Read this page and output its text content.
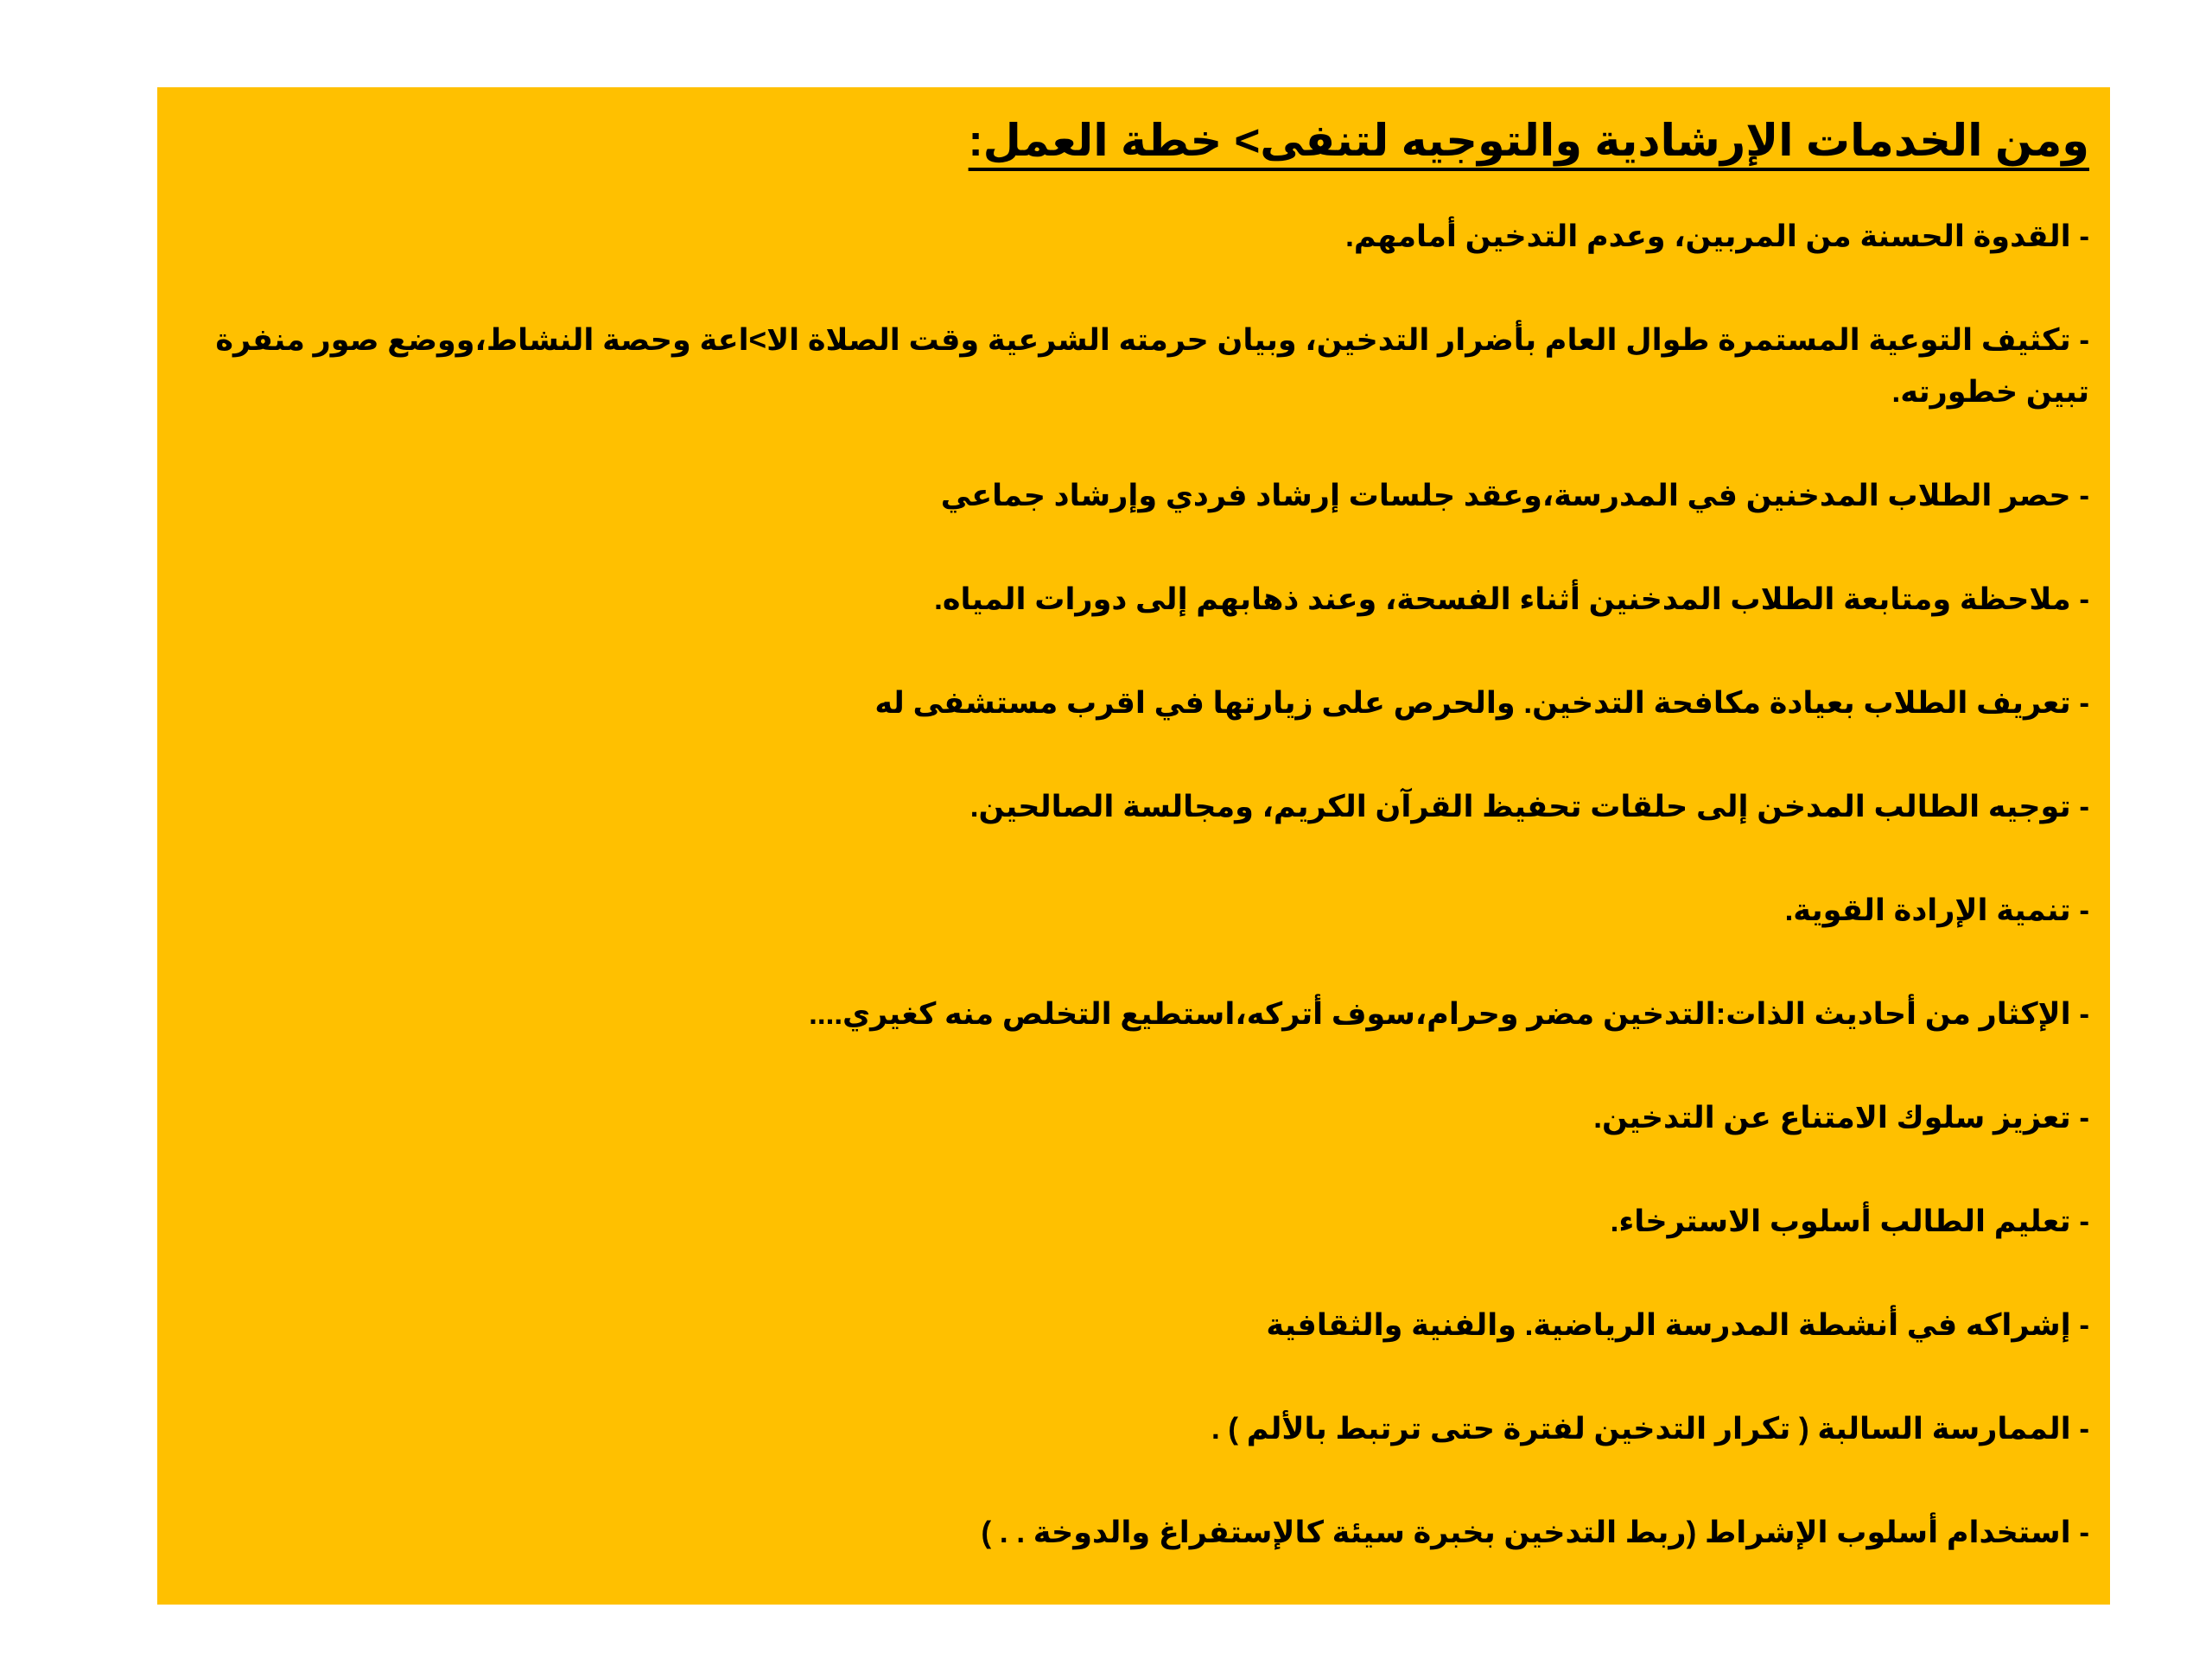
ومن الخدمات الإرشادية والتوجيه لتنفى> خطة العمل:
- القدوة الحسنة من المربين، وعدم التدخين أمامهم.
- تكثيف التوعية المستمرة طوال العام بأضرار التدخين، وبيان حرمته الشرعية وقت الصلاة الا>اعة وحصة النشاط،ووضع صور منفرة تبين خطورته.
- حصر الطلاب المدخنين في المدرسة،وعقد جلسات إرشاد فردي وإرشاد جماعي
- ملاحظة ومتابعة الطلاب المدخنين أثناء الفسحة، وعند ذهابهم إلى دورات المياه.
- تعريف الطلاب بعيادة مكافحة التدخين. والحرص على زيارتها في اقرب مستشفى له
- توجيه الطالب المدخن إلى حلقات تحفيظ القرآن الكريم، ومجالسة الصالحين.
- تنمية الإرادة القوية.
- الإكثار من أحاديث الذات:التدخين مضر وحرام،سوف أتركه،استطيع التخلص منه كغيري....
- تعزيز سلوك الامتناع عن التدخين.
- تعليم الطالب أسلوب الاسترخاء.
- إشراكه في أنشطة المدرسة الرياضية. والفنية والثقافية
- الممارسة السالبة ( تكرار التدخين لفترة حتى ترتبط بالألم ) .
- استخدام أسلوب الإشراط (ربط التدخين بخبرة سيئة كالإستفراغ والدوخة . . )
